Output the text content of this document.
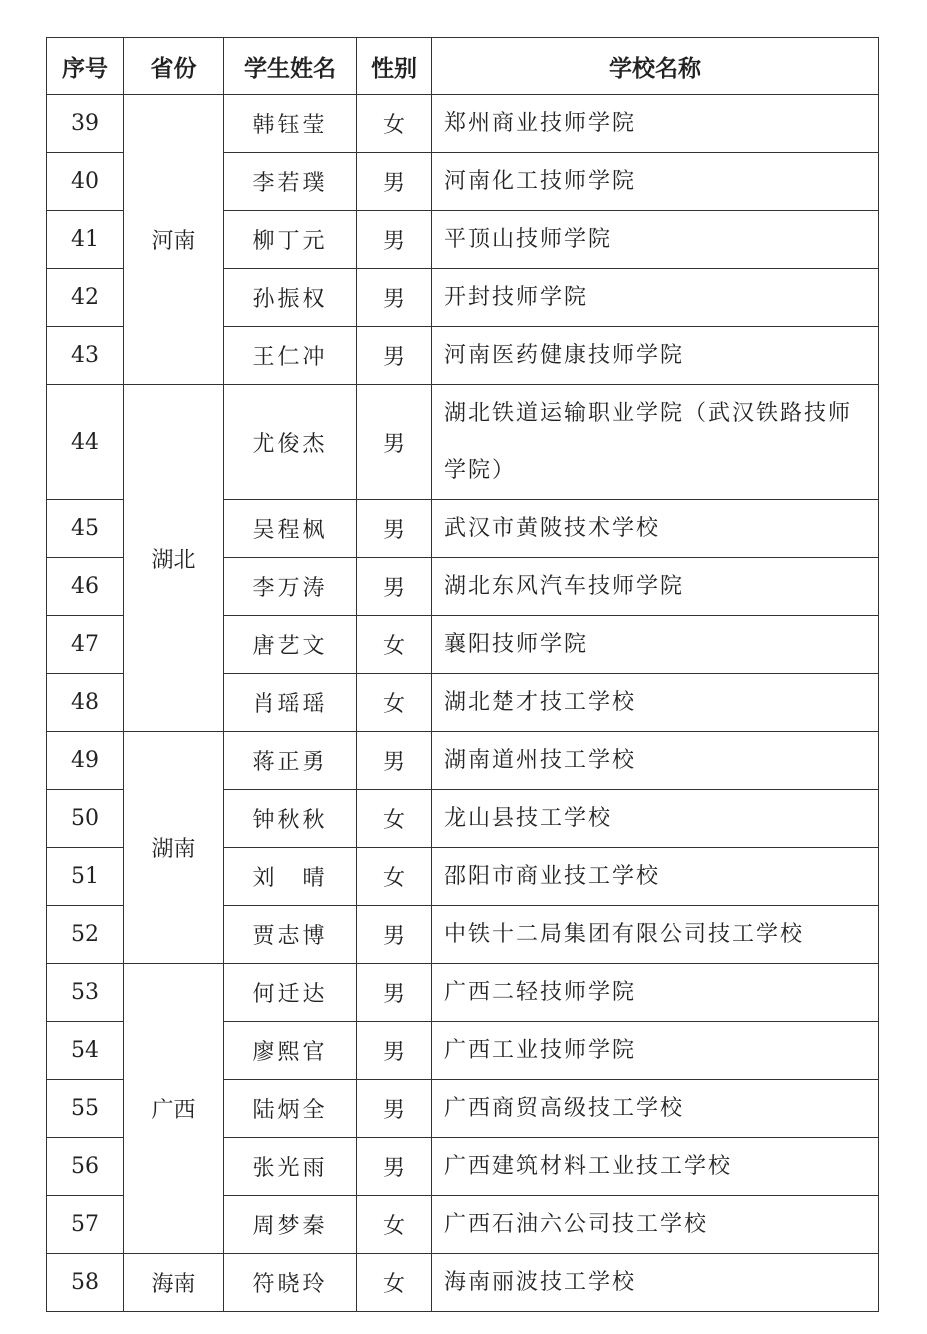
序号	省份	学生姓名	性别	学校名称
39	河南	韩钰莹	女	郑州商业技师学院
40		李若璞	男	河南化工技师学院
41		柳丁元	男	平顶山技师学院
42		孙振权	男	开封技师学院
43		王仁冲	男	河南医药健康技师学院
44	湖北	尤俊杰	男	湖北铁道运输职业学院（武汉铁路技师学院）
45		吴程枫	男	武汉市黄陂技术学校
46		李万涛	男	湖北东风汽车技师学院
47		唐艺文	女	襄阳技师学院
48		肖瑶瑶	女	湖北楚才技工学校
49	湖南	蒋正勇	男	湖南道州技工学校
50		钟秋秋	女	龙山县技工学校
51		刘　晴	女	邵阳市商业技工学校
52		贾志博	男	中铁十二局集团有限公司技工学校
53	广西	何迁达	男	广西二轻技师学院
54		廖熙官	男	广西工业技师学院
55		陆炳全	男	广西商贸高级技工学校
56		张光雨	男	广西建筑材料工业技工学校
57		周梦秦	女	广西石油六公司技工学校
58	海南	符晓玲	女	海南丽波技工学校
